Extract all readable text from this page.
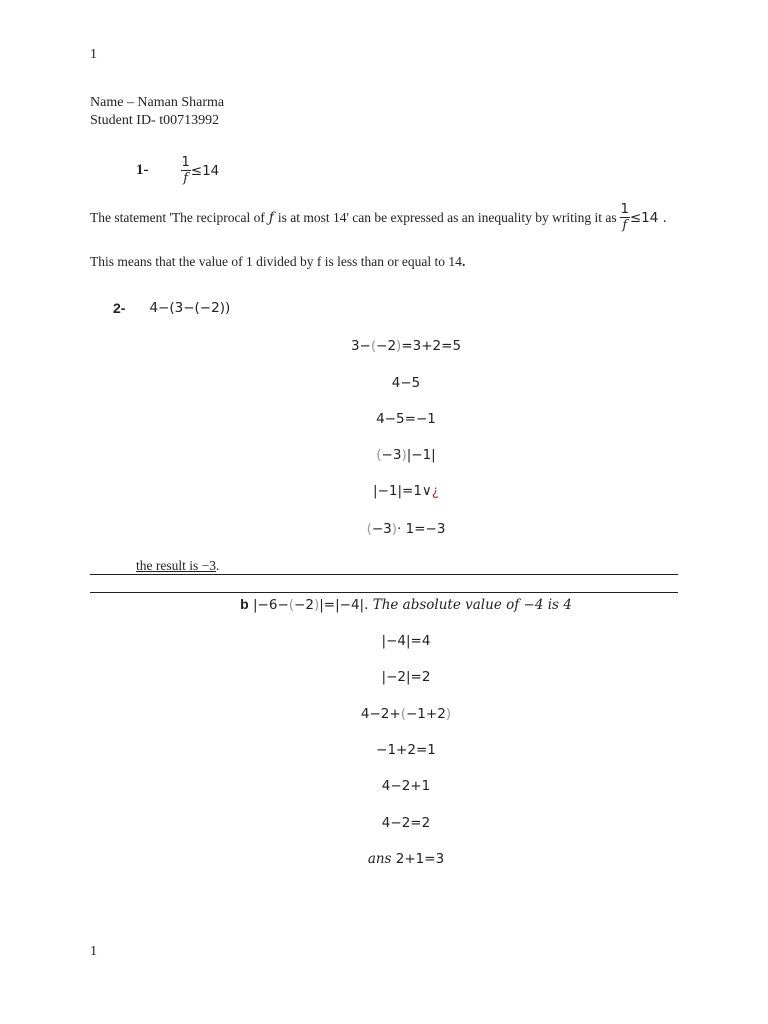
1
Name – Naman Sharma
Student ID- t00713992
$1- \frac{1}{f} \le 14$
The statement 'The reciprocal of ƒ is at most 14' can be expressed as an inequality by writing it as $\frac{1}{f} \le 14$ .
This means that the value of 1 divided by f is less than or equal to 14.
2- 4−(3−(−2))
3−(−2)=3+2=5
4−5
4−5=−1
(−3)|−1|
|−1|=1∨¿
(−3)· 1=−3
the result is −3.
b |−6−(−2)|=|−4|. The absolute value of −4 is 4
|−4|=4
|−2|=2
4−2+(−1+2)
−1+2=1
4−2+1
4−2=2
ans 2+1=3
1
